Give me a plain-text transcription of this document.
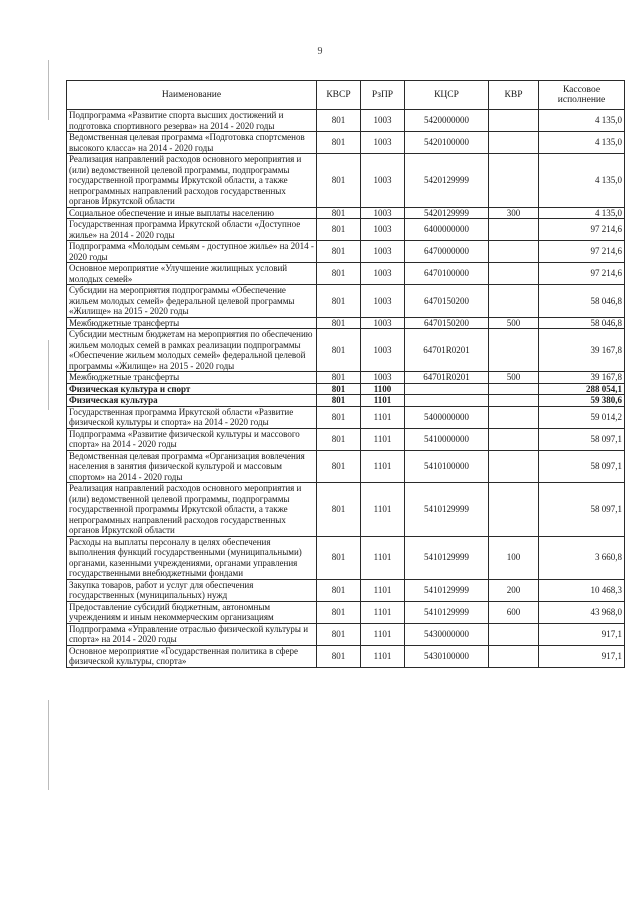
9
Наименование	КВСР	РзПР	КЦСР	КВР	Кассовое исполнение
Подпрограмма «Развитие спорта высших достижений и подготовка спортивного резерва» на 2014 - 2020 годы	801	1003	5420000000		4 135,0
Ведомственная целевая программа «Подготовка спортсменов высокого класса» на 2014 - 2020 годы	801	1003	5420100000		4 135,0
Реализация направлений расходов основного мероприятия и (или) ведомственной целевой программы, подпрограммы государственной программы Иркутской области, а также непрограммных направлений расходов государственных органов Иркутской области	801	1003	5420129999		4 135,0
Социальное обеспечение и иные выплаты населению	801	1003	5420129999	300	4 135,0
Государственная программа Иркутской области «Доступное жилье» на 2014 - 2020 годы	801	1003	6400000000		97 214,6
Подпрограмма «Молодым семьям - доступное жилье» на 2014 - 2020 годы	801	1003	6470000000		97 214,6
Основное мероприятие «Улучшение жилищных условий молодых семей»	801	1003	6470100000		97 214,6
Субсидии на мероприятия подпрограммы «Обеспечение жильем молодых семей» федеральной целевой программы «Жилище» на 2015 - 2020 годы	801	1003	6470150200		58 046,8
Межбюджетные трансферты	801	1003	6470150200	500	58 046,8
Субсидии местным бюджетам на мероприятия по обеспечению жильем молодых семей в рамках реализации подпрограммы «Обеспечение жильем молодых семей» федеральной целевой программы «Жилище» на 2015 - 2020 годы	801	1003	64701R0201		39 167,8
Межбюджетные трансферты	801	1003	64701R0201	500	39 167,8
Физическая культура и спорт	801	1100			288 054,1
Физическая культура	801	1101			59 380,6
Государственная программа Иркутской области «Развитие физической культуры и спорта» на 2014 - 2020 годы	801	1101	5400000000		59 014,2
Подпрограмма «Развитие физической культуры и массового спорта» на 2014 - 2020 годы	801	1101	5410000000		58 097,1
Ведомственная целевая программа «Организация вовлечения населения в занятия физической культурой и массовым спортом» на 2014 - 2020 годы	801	1101	5410100000		58 097,1
Реализация направлений расходов основного мероприятия и (или) ведомственной целевой программы, подпрограммы государственной программы Иркутской области, а также непрограммных направлений расходов государственных органов Иркутской области	801	1101	5410129999		58 097,1
Расходы на выплаты персоналу в целях обеспечения выполнения функций государственными (муниципальными) органами, казенными учреждениями, органами управления государственными внебюджетными фондами	801	1101	5410129999	100	3 660,8
Закупка товаров, работ и услуг для обеспечения государственных (муниципальных) нужд	801	1101	5410129999	200	10 468,3
Предоставление субсидий бюджетным, автономным учреждениям и иным некоммерческим организациям	801	1101	5410129999	600	43 968,0
Подпрограмма «Управление отраслью физической культуры и спорта» на 2014 - 2020 годы	801	1101	5430000000		917,1
Основное мероприятие «Государственная политика в сфере физической культуры, спорта»	801	1101	5430100000		917,1
